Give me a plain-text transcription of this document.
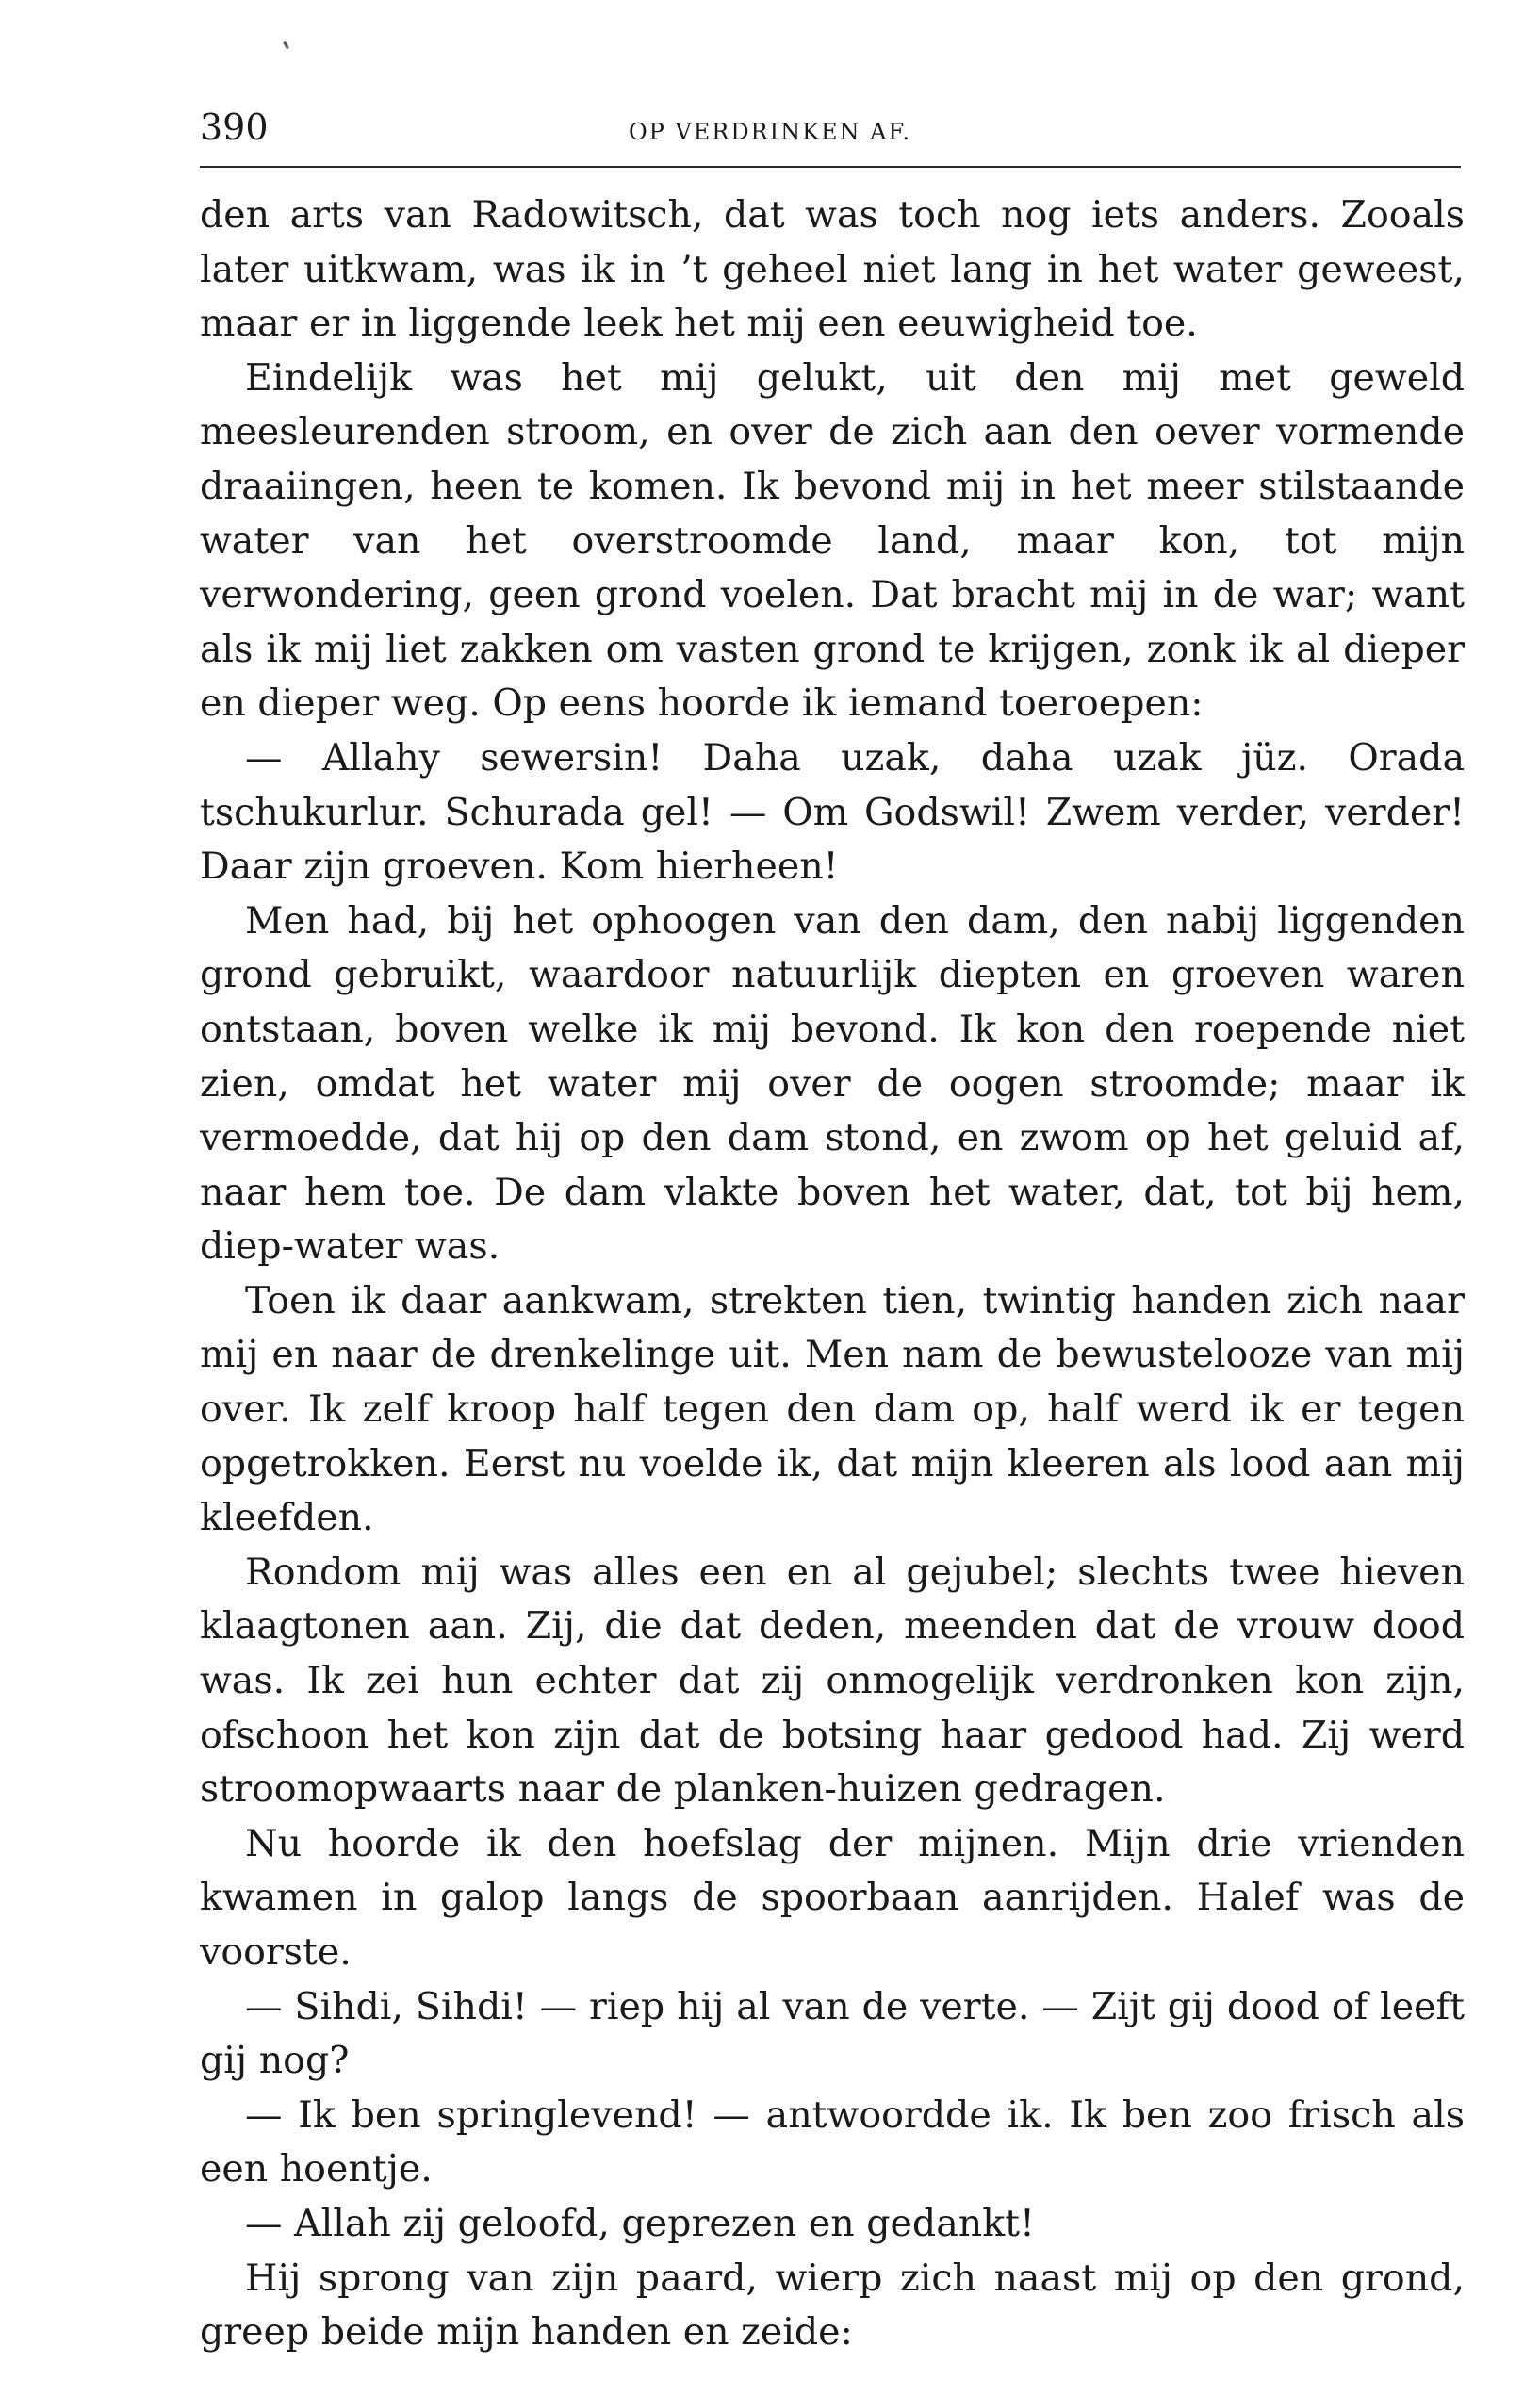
390	OP VERDRINKEN AF.

den arts van Radowitsch, dat was toch nog iets anders. Zooals later uitkwam, was ik in ’t geheel niet lang in het water geweest, maar er in liggende leek het mij een eeuwigheid toe.

Eindelijk was het mij gelukt, uit den mij met geweld meesleurenden stroom, en over de zich aan den oever vormende draaiingen, heen te komen. Ik bevond mij in het meer stilstaande water van het overstroomde land, maar kon, tot mijn verwondering, geen grond voelen. Dat bracht mij in de war; want als ik mij liet zakken om vasten grond te krijgen, zonk ik al dieper en dieper weg. Op eens hoorde ik iemand toeroepen:

— Allahy sewersin! Daha uzak, daha uzak jüz. Orada tschukurlur. Schurada gel! — Om Godswil! Zwem verder, verder! Daar zijn groeven. Kom hierheen!

Men had, bij het ophoogen van den dam, den nabij liggenden grond gebruikt, waardoor natuurlijk diepten en groeven waren ontstaan, boven welke ik mij bevond. Ik kon den roepende niet zien, omdat het water mij over de oogen stroomde; maar ik vermoedde, dat hij op den dam stond, en zwom op het geluid af, naar hem toe. De dam vlakte boven het water, dat, tot bij hem, diep-water was.

Toen ik daar aankwam, strekten tien, twintig handen zich naar mij en naar de drenkelinge uit. Men nam de bewustelooze van mij over. Ik zelf kroop half tegen den dam op, half werd ik er tegen opgetrokken. Eerst nu voelde ik, dat mijn kleeren als lood aan mij kleefden.

Rondom mij was alles een en al gejubel; slechts twee hieven klaagtonen aan. Zij, die dat deden, meenden dat de vrouw dood was. Ik zei hun echter dat zij onmogelijk verdronken kon zijn, ofschoon het kon zijn dat de botsing haar gedood had. Zij werd stroomopwaarts naar de planken-huizen gedragen.

Nu hoorde ik den hoefslag der mijnen. Mijn drie vrienden kwamen in galop langs de spoorbaan aanrijden. Halef was de voorste.

— Sihdi, Sihdi! — riep hij al van de verte. — Zijt gij dood of leeft gij nog?

— Ik ben springlevend! — antwoordde ik. Ik ben zoo frisch als een hoentje.

— Allah zij geloofd, geprezen en gedankt!

Hij sprong van zijn paard, wierp zich naast mij op den grond, greep beide mijn handen en zeide:
